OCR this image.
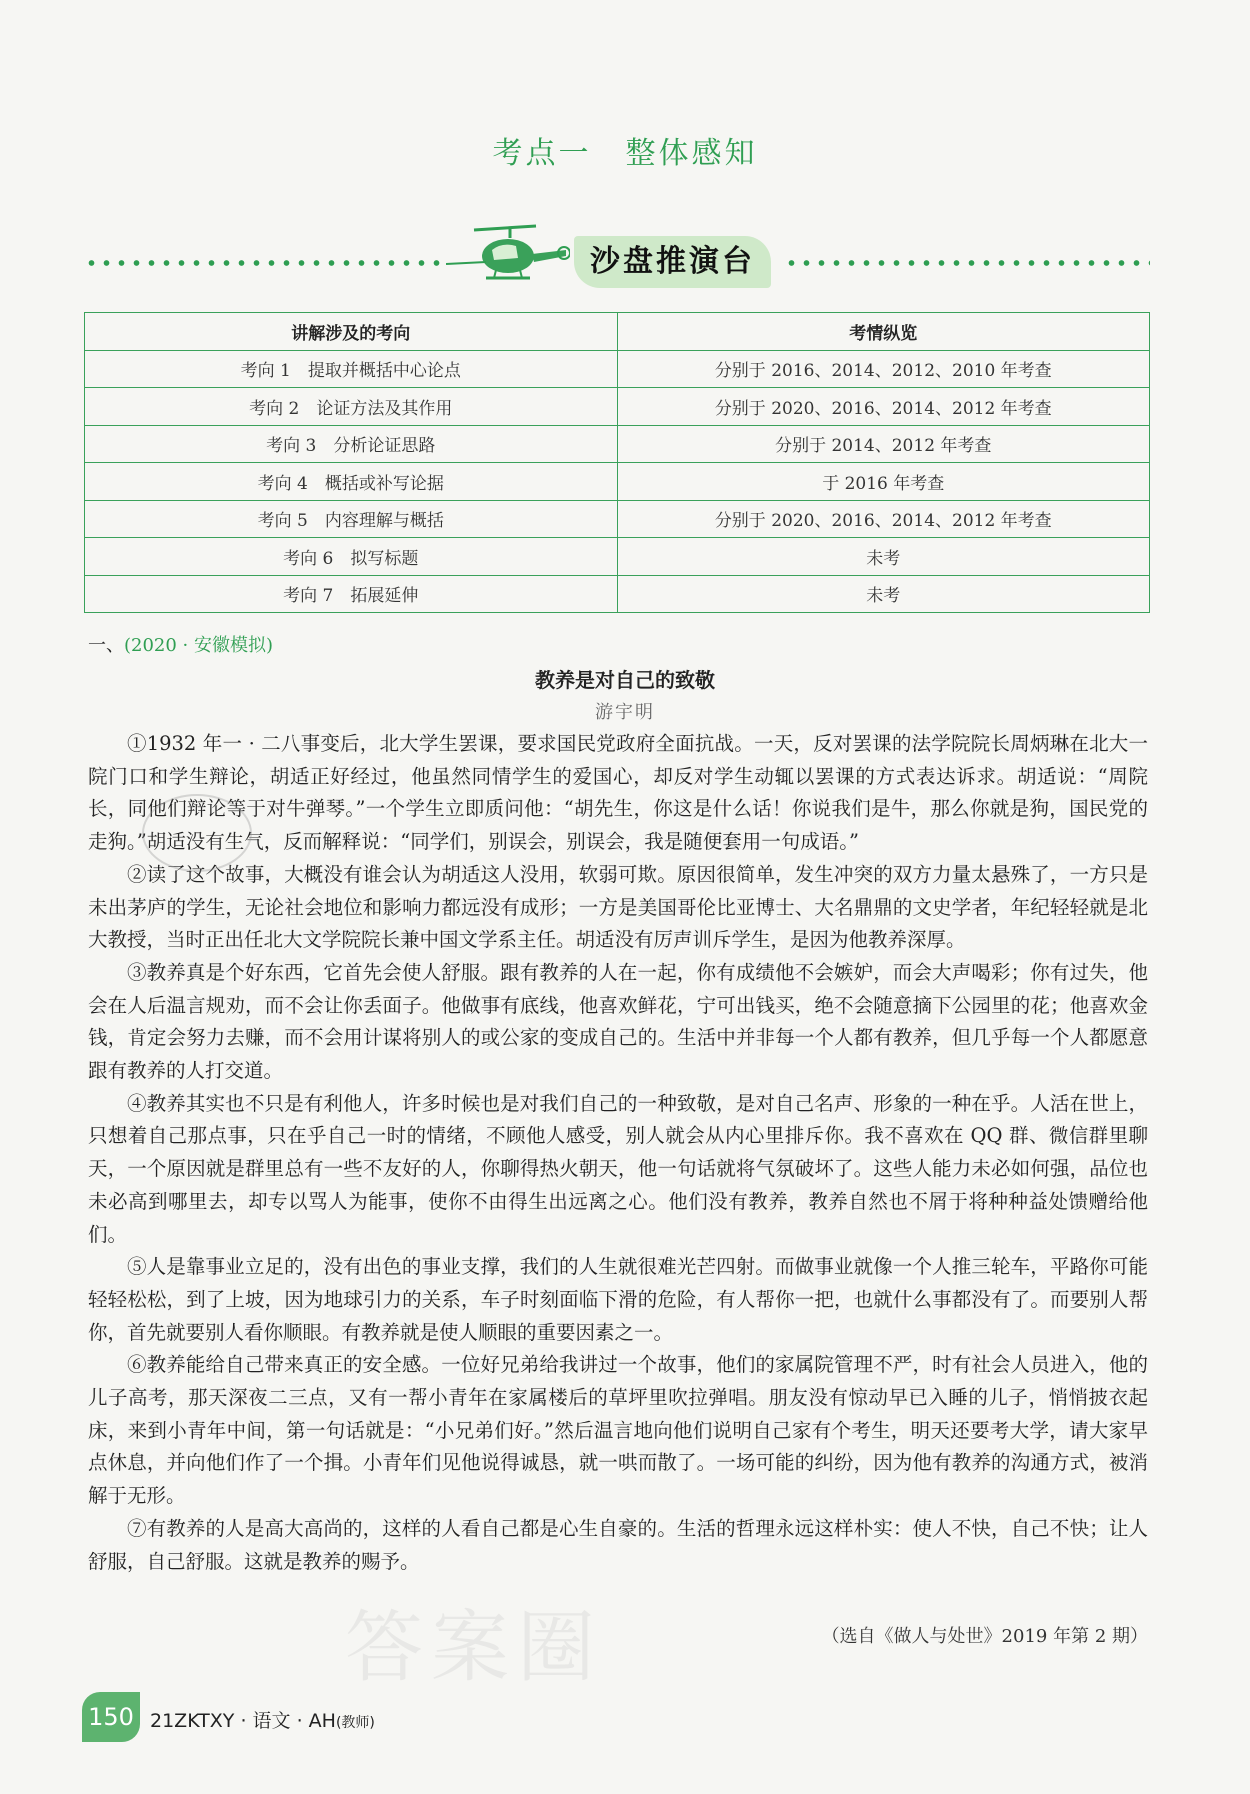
考点一 整体感知
沙盘推演台
讲解涉及的考向	考情纵览
考向 1　提取并概括中心论点	分别于 2016、2014、2012、2010 年考查
考向 2　论证方法及其作用	分别于 2020、2016、2014、2012 年考查
考向 3　分析论证思路	分别于 2014、2012 年考查
考向 4　概括或补写论据	于 2016 年考查
考向 5　内容理解与概括	分别于 2020、2016、2014、2012 年考查
考向 6　拟写标题	未考
考向 7　拓展延伸	未考
一、(2020 · 安徽模拟)
教养是对自己的致敬
游宇明

①1932 年一 · 二八事变后，北大学生罢课，要求国民党政府全面抗战。一天，反对罢课的法学院院长周炳琳在北大一院门口和学生辩论，胡适正好经过，他虽然同情学生的爱国心，却反对学生动辄以罢课的方式表达诉求。胡适说：“周院长，同他们辩论等于对牛弹琴。”一个学生立即质问他：“胡先生，你这是什么话！你说我们是牛，那么你就是狗，国民党的走狗。”胡适没有生气，反而解释说：“同学们，别误会，别误会，我是随便套用一句成语。”

②读了这个故事，大概没有谁会认为胡适这人没用，软弱可欺。原因很简单，发生冲突的双方力量太悬殊了，一方只是未出茅庐的学生，无论社会地位和影响力都远没有成形；一方是美国哥伦比亚博士、大名鼎鼎的文史学者，年纪轻轻就是北大教授，当时正出任北大文学院院长兼中国文学系主任。胡适没有厉声训斥学生，是因为他教养深厚。

③教养真是个好东西，它首先会使人舒服。跟有教养的人在一起，你有成绩他不会嫉妒，而会大声喝彩；你有过失，他会在人后温言规劝，而不会让你丢面子。他做事有底线，他喜欢鲜花，宁可出钱买，绝不会随意摘下公园里的花；他喜欢金钱，肯定会努力去赚，而不会用计谋将别人的或公家的变成自己的。生活中并非每一个人都有教养，但几乎每一个人都愿意跟有教养的人打交道。

④教养其实也不只是有利他人，许多时候也是对我们自己的一种致敬，是对自己名声、形象的一种在乎。人活在世上，只想着自己那点事，只在乎自己一时的情绪，不顾他人感受，别人就会从内心里排斥你。我不喜欢在 QQ 群、微信群里聊天，一个原因就是群里总有一些不友好的人，你聊得热火朝天，他一句话就将气氛破坏了。这些人能力未必如何强，品位也未必高到哪里去，却专以骂人为能事，使你不由得生出远离之心。他们没有教养，教养自然也不屑于将种种益处馈赠给他们。

⑤人是靠事业立足的，没有出色的事业支撑，我们的人生就很难光芒四射。而做事业就像一个人推三轮车，平路你可能轻轻松松，到了上坡，因为地球引力的关系，车子时刻面临下滑的危险，有人帮你一把，也就什么事都没有了。而要别人帮你，首先就要别人看你顺眼。有教养就是使人顺眼的重要因素之一。

⑥教养能给自己带来真正的安全感。一位好兄弟给我讲过一个故事，他们的家属院管理不严，时有社会人员进入，他的儿子高考，那天深夜二三点，又有一帮小青年在家属楼后的草坪里吹拉弹唱。朋友没有惊动早已入睡的儿子，悄悄披衣起床，来到小青年中间，第一句话就是：“小兄弟们好。”然后温言地向他们说明自己家有个考生，明天还要考大学，请大家早点休息，并向他们作了一个揖。小青年们见他说得诚恳，就一哄而散了。一场可能的纠纷，因为他有教养的沟通方式，被消解于无形。

⑦有教养的人是高大高尚的，这样的人看自己都是心生自豪的。生活的哲理永远这样朴实：使人不快，自己不快；让人舒服，自己舒服。这就是教养的赐予。

答案圈	（选自《做人与处世》2019 年第 2 期）
150 21ZKTXY · 语文 · AH(教师)
